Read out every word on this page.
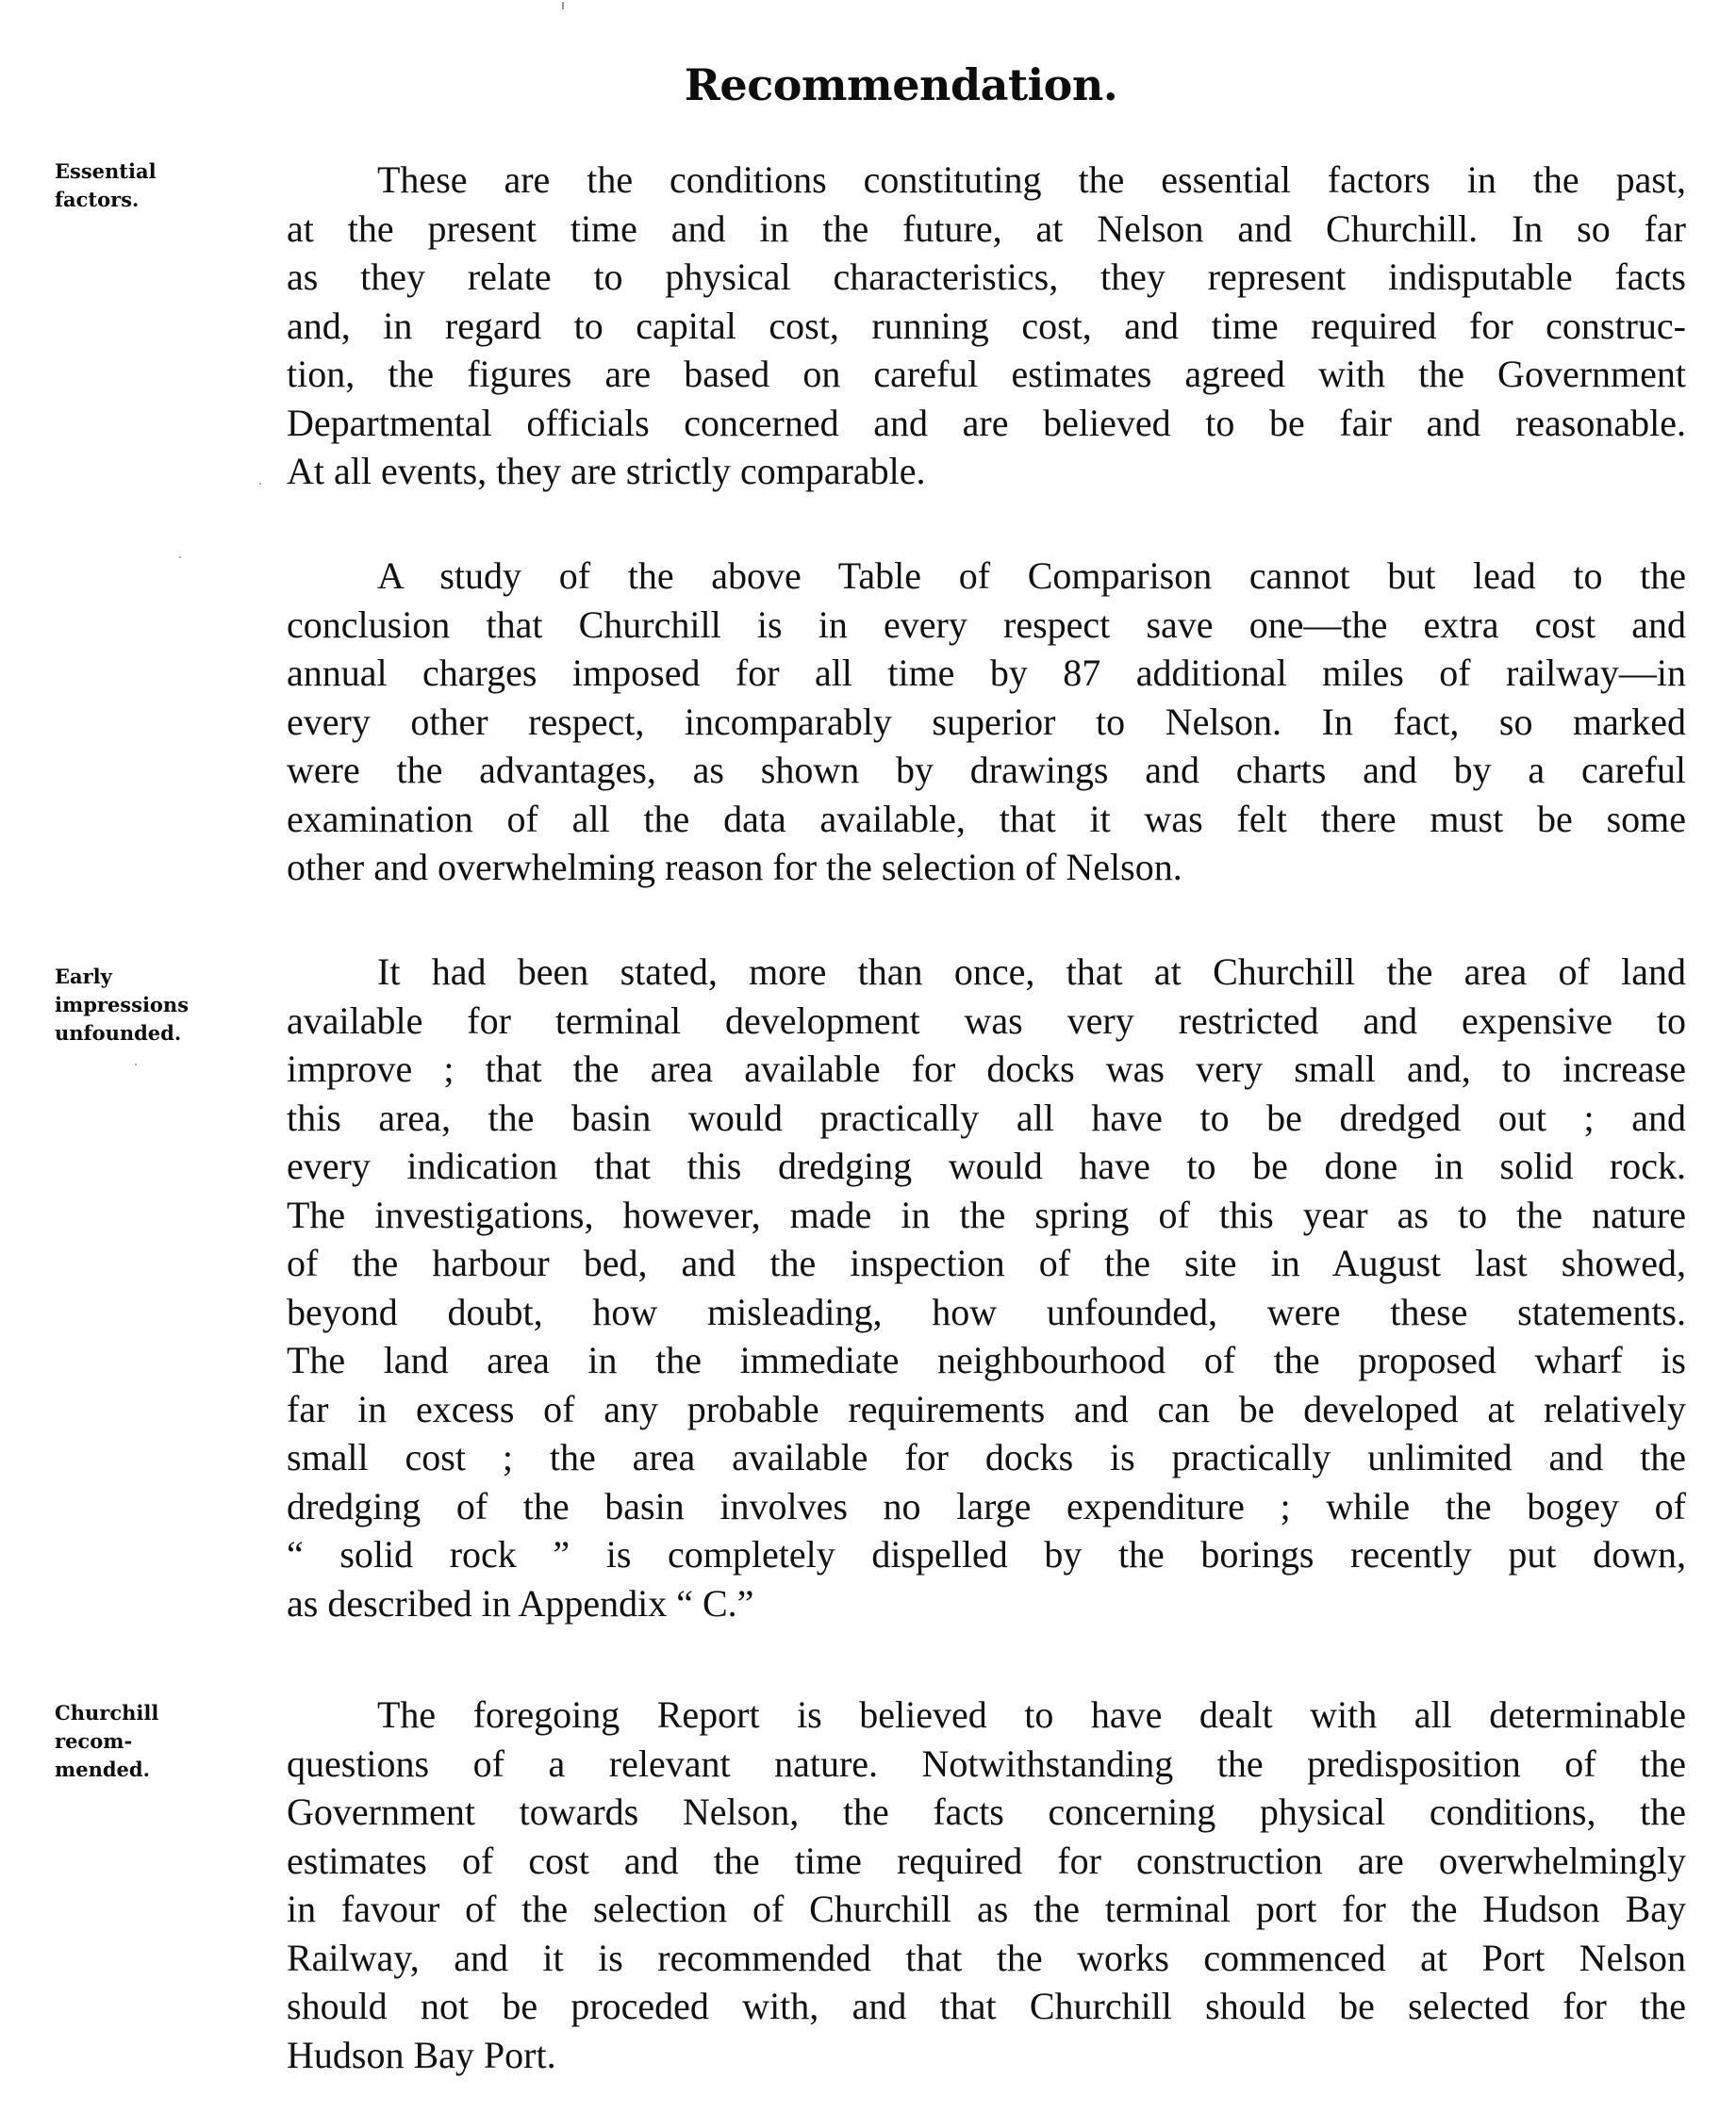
Recommendation.
Essential
factors.	These are the conditions constituting the essential factors in the past,
at the present time and in the future, at Nelson and Churchill. In so far
as they relate to physical characteristics, they represent indisputable facts
and, in regard to capital cost, running cost, and time required for construc-
tion, the figures are based on careful estimates agreed with the Government
Departmental officials concerned and are believed to be fair and reasonable.
At all events, they are strictly comparable.
A study of the above Table of Comparison cannot but lead to the
conclusion that Churchill is in every respect save one—the extra cost and
annual charges imposed for all time by 87 additional miles of railway—in
every other respect, incomparably superior to Nelson. In fact, so marked
were the advantages, as shown by drawings and charts and by a careful
examination of all the data available, that it was felt there must be some
other and overwhelming reason for the selection of Nelson.
Early
impressions
unfounded.
It had been stated, more than once, that at Churchill the area of land
available for terminal development was very restricted and expensive to
improve ; that the area available for docks was very small and, to increase
this area, the basin would practically all have to be dredged out ; and
every indication that this dredging would have to be done in solid rock.
The investigations, however, made in the spring of this year as to the nature
of the harbour bed, and the inspection of the site in August last showed,
beyond doubt, how misleading, how unfounded, were these statements.
The land area in the immediate neighbourhood of the proposed wharf is
far in excess of any probable requirements and can be developed at relatively
small cost ; the area available for docks is practically unlimited and the
dredging of the basin involves no large expenditure ; while the bogey of
“ solid rock ” is completely dispelled by the borings recently put down,
as described in Appendix “ C.”
Churchill
recom-
mended.
The foregoing Report is believed to have dealt with all determinable
questions of a relevant nature. Notwithstanding the predisposition of the
Government towards Nelson, the facts concerning physical conditions, the
estimates of cost and the time required for construction are overwhelmingly
in favour of the selection of Churchill as the terminal port for the Hudson Bay
Railway, and it is recommended that the works commenced at Port Nelson
should not be proceded with, and that Churchill should be selected for the
Hudson Bay Port.
